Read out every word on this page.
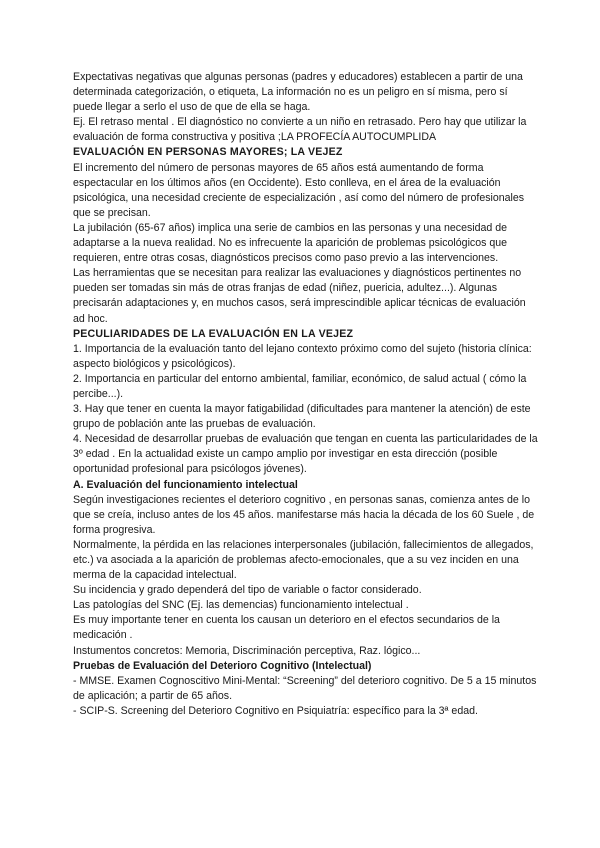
Expectativas negativas que algunas personas (padres y educadores) establecen a partir de una determinada categorización, o etiqueta, La información no es un peligro en sí misma, pero sí puede llegar a serlo el uso de que de ella se haga.

Ej. El retraso mental . El diagnóstico no convierte a un niño en retrasado. Pero hay que utilizar la evaluación de forma constructiva y positiva ;LA PROFECÍA AUTOCUMPLIDA

EVALUACIÓN EN PERSONAS MAYORES; LA VEJEZ

El incremento del número de personas mayores de 65 años está aumentando de forma espectacular en los últimos años (en Occidente). Esto conlleva, en el área de la evaluación psicológica, una necesidad creciente de especialización , así como del número de profesionales que se precisan.

La jubilación (65-67 años) implica una serie de cambios en las personas y una necesidad de adaptarse a la nueva realidad. No es infrecuente la aparición de problemas psicológicos que requieren, entre otras cosas, diagnósticos precisos como paso previo a las intervenciones.

Las herramientas que se necesitan para realizar las evaluaciones y diagnósticos pertinentes no pueden ser tomadas sin más de otras franjas de edad (niñez, puericia, adultez...). Algunas precisarán adaptaciones y, en muchos casos, será imprescindible aplicar técnicas de evaluación ad hoc.

PECULIARIDADES DE LA EVALUACIÓN EN LA VEJEZ

1. Importancia de la evaluación tanto del lejano contexto próximo como del sujeto (historia clínica: aspecto biológicos y psicológicos).

2. Importancia en particular del entorno ambiental, familiar, económico, de salud actual ( cómo la percibe...).

3. Hay que tener en cuenta la mayor fatigabilidad (dificultades para mantener la atención) de este grupo de población ante las pruebas de evaluación.

4. Necesidad de desarrollar pruebas de evaluación que tengan en cuenta las particularidades de la 3º edad . En la actualidad existe un campo amplio por investigar en esta dirección (posible oportunidad profesional para psicólogos jóvenes).

A. Evaluación del funcionamiento intelectual

Según investigaciones recientes el deterioro cognitivo , en personas sanas, comienza antes de lo que se creía, incluso antes de los 45 años. manifestarse más hacia la década de los 60 Suele , de forma progresiva.

Normalmente, la pérdida en las relaciones interpersonales (jubilación, fallecimientos de allegados, etc.) va asociada a la aparición de problemas afecto-emocionales, que a su vez inciden en una merma de la capacidad intelectual.

Su incidencia y grado dependerá del tipo de variable o factor considerado.

Las patologías del SNC (Ej. las demencias) funcionamiento intelectual .

Es muy importante tener en cuenta los causan un deterioro en el efectos secundarios de la medicación .

Instumentos concretos: Memoria, Discriminación perceptiva, Raz. lógico...

Pruebas de Evaluación del Deterioro Cognitivo (Intelectual)

- MMSE. Examen Cognoscitivo Mini-Mental: “Screening” del deterioro cognitivo. De 5 a 15 minutos de aplicación; a partir de 65 años.

- SCIP-S. Screening del Deterioro Cognitivo en Psiquiatría: específico para la 3ª edad.
